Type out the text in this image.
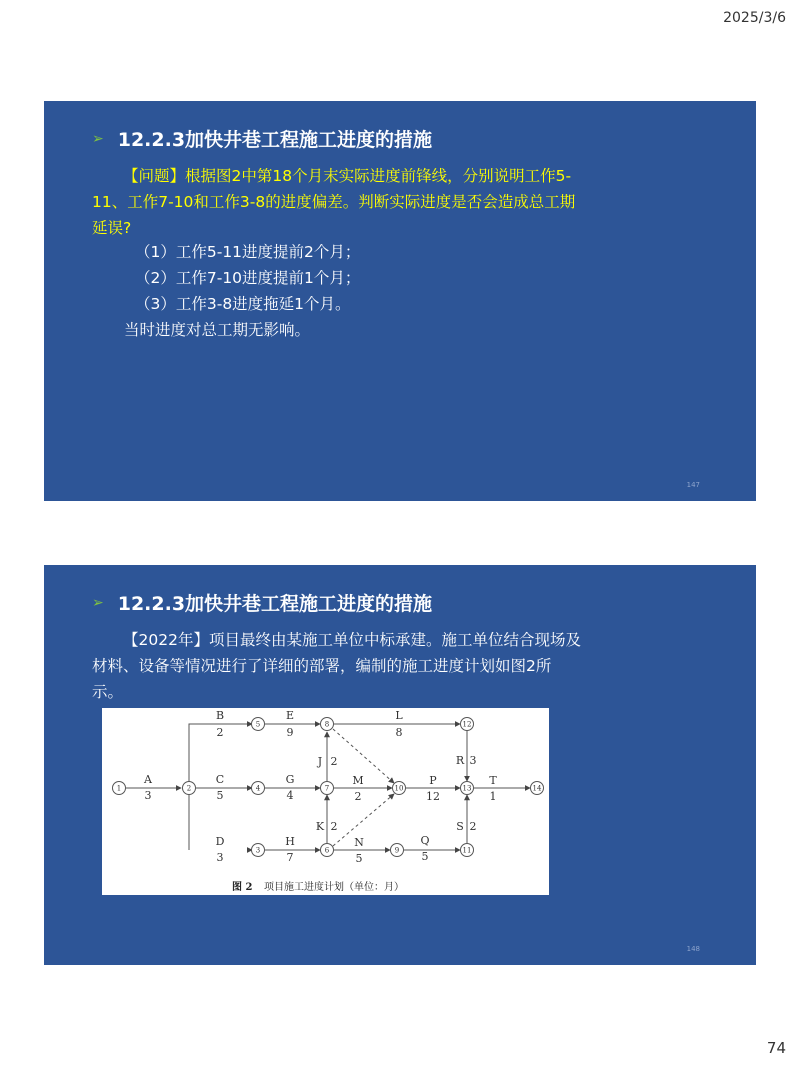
2025/3/6
➢ 12.2.3加快井巷工程施工进度的措施
【问题】根据图2中第18个月末实际进度前锋线，分别说明工作5-11、工作7-10和工作3-8的进度偏差。判断实际进度是否会造成总工期延误?
（1）工作5-11进度提前2个月；
（2）工作7-10进度提前1个月；
（3）工作3-8进度拖延1个月。
当时进度对总工期无影响。
147
➢ 12.2.3加快井巷工程施工进度的措施
【2022年】项目最终由某施工单位中标承建。施工单位结合现场及材料、设备等情况进行了详细的部署，编制的施工进度计划如图2所示。
1	2
3
4
5
6
7
8
9
10
11
12
13	14
A
3
B
2
C
5
D
3
E
9
G
4
H
7
J 2
K 2
L
8
M
2
N
5
P
12
Q
5
R 3
S 2
T
1
图 2 项目施工进度计划（单位：月）
148
74
